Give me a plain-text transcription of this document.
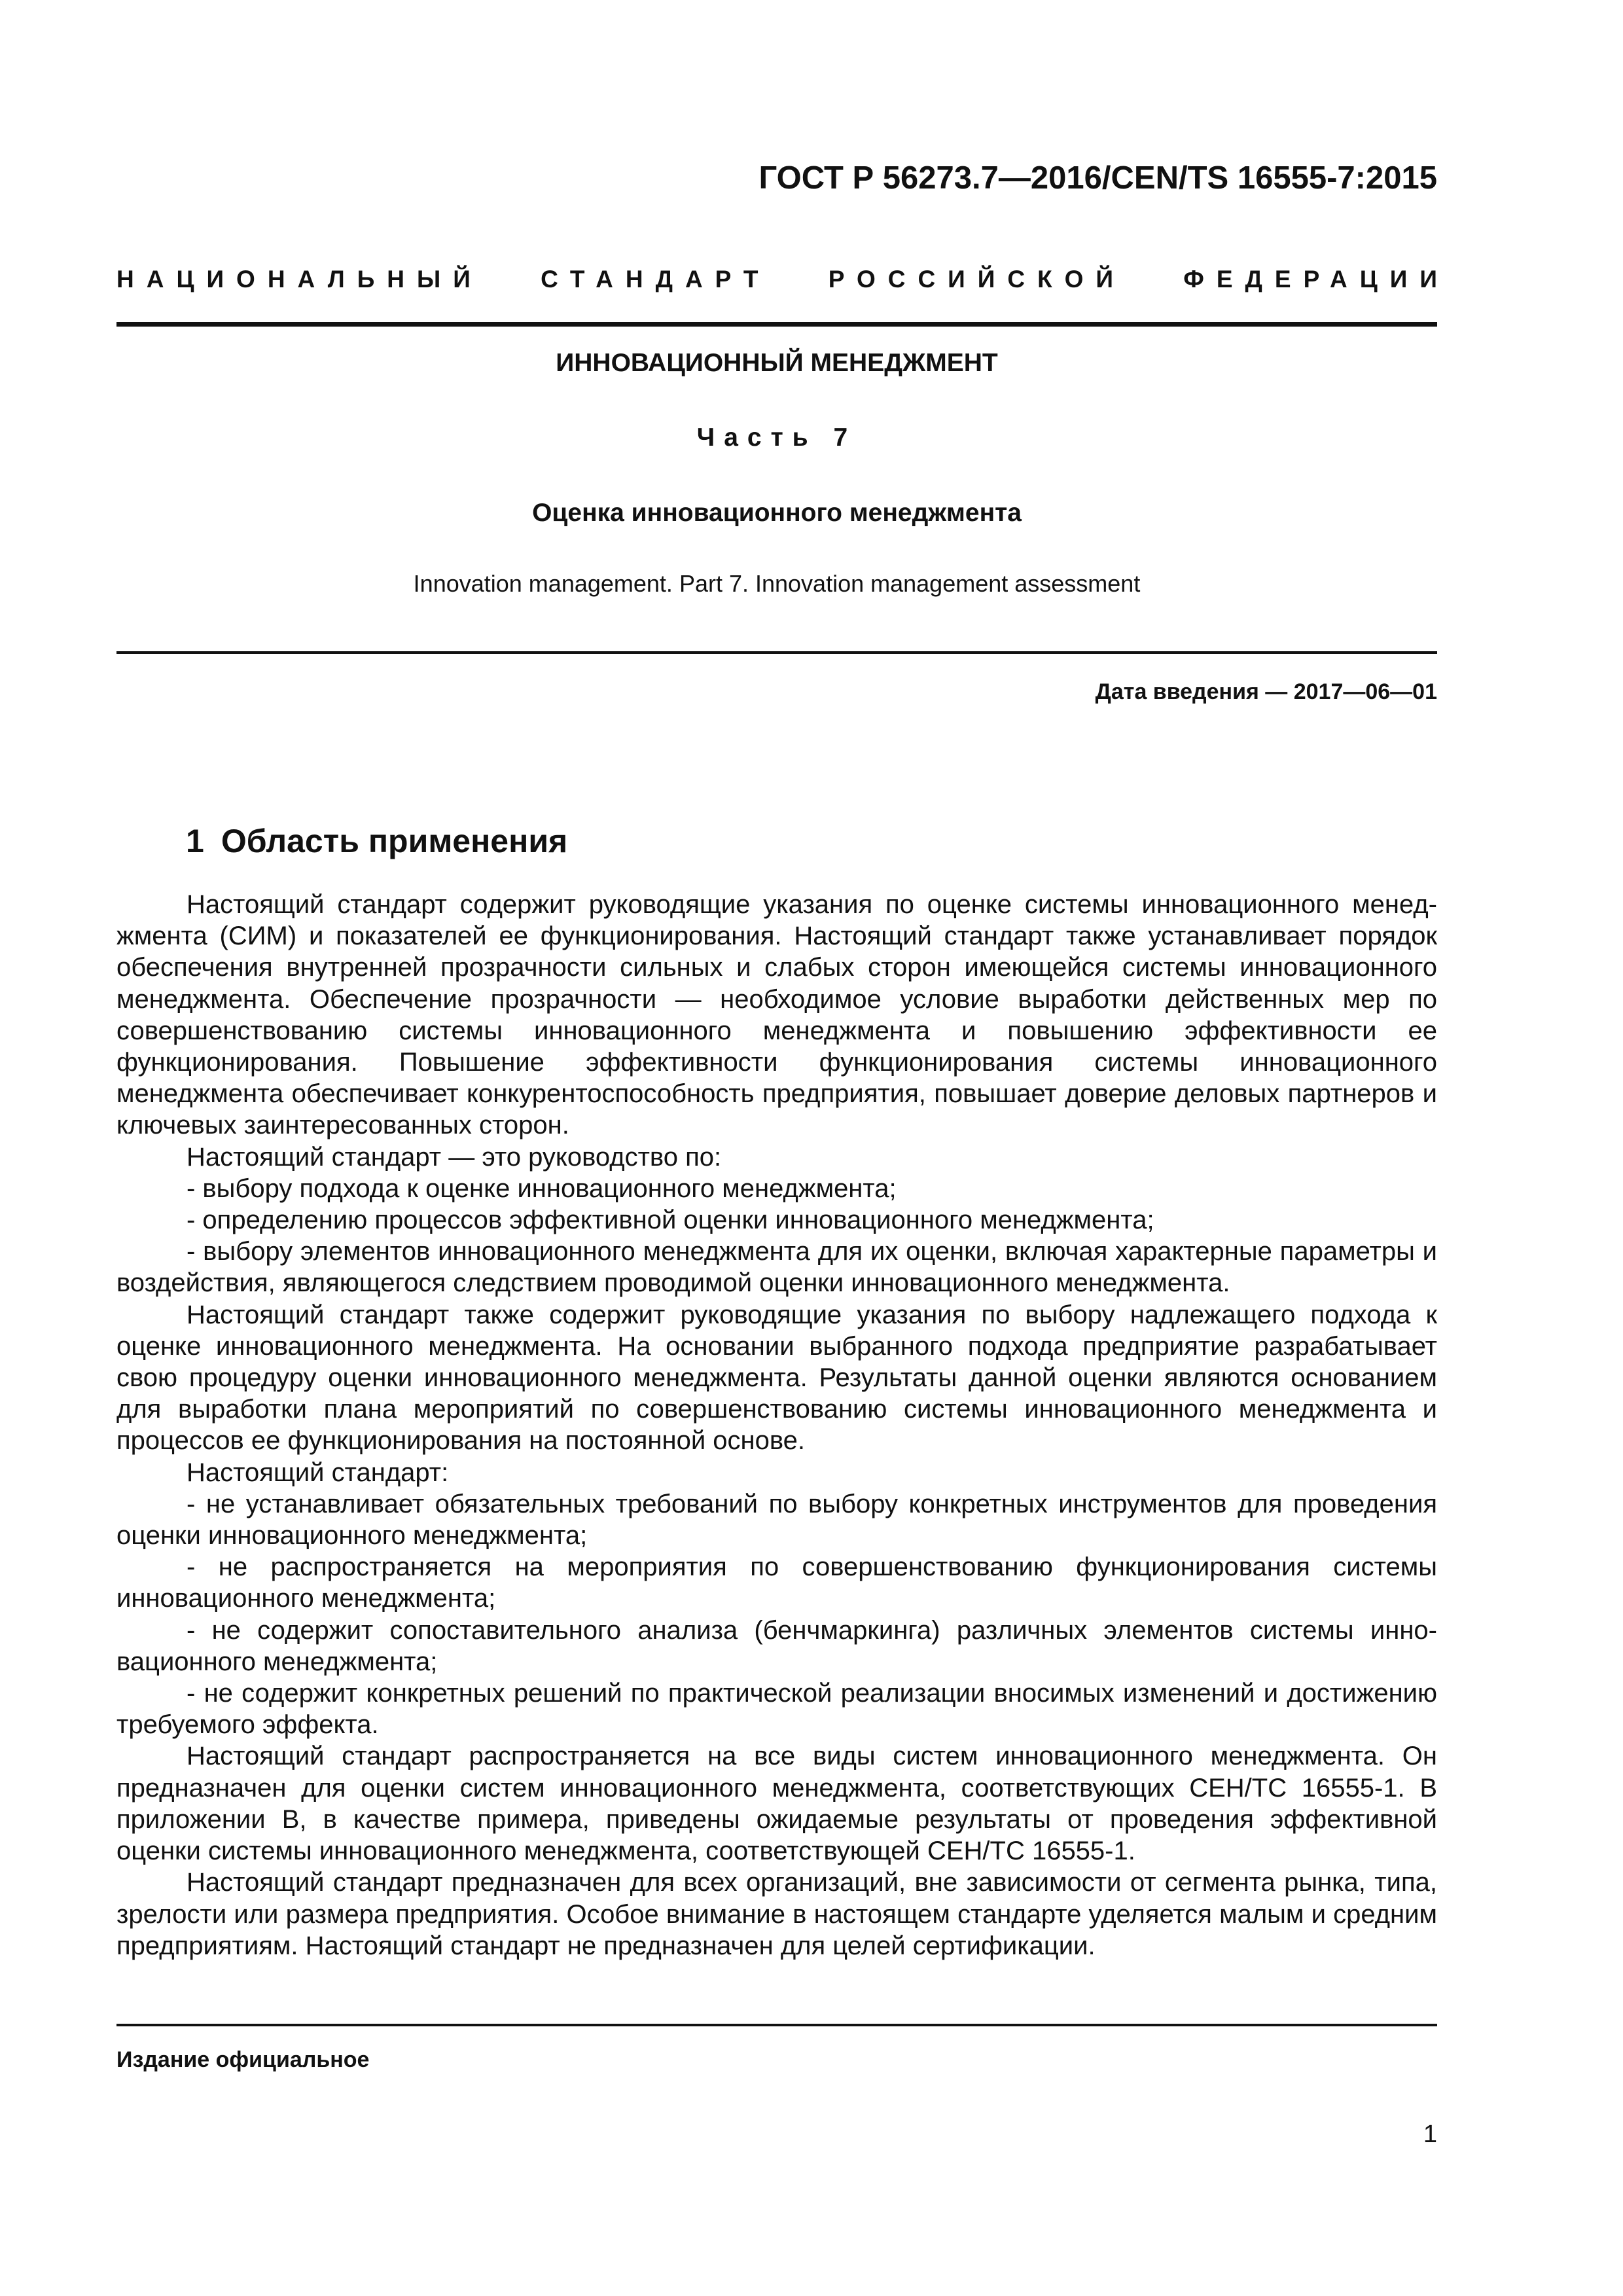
ГОСТ Р 56273.7—2016/CEN/TS 16555-7:2015
НАЦИОНАЛЬНЫЙ СТАНДАРТ РОССИЙСКОЙ ФЕДЕРАЦИИ
ИННОВАЦИОННЫЙ МЕНЕДЖМЕНТ
Часть 7
Оценка инновационного менеджмента
Innovation management. Part 7. Innovation management assessment
Дата введения — 2017—06—01
1 Область применения

Настоящий стандарт содержит руководящие указания по оценке системы инновационного менеджмента (СИМ) и показателей ее функционирования. Настоящий стандарт также устанавливает порядок обеспечения внутренней прозрачности сильных и слабых сторон имеющейся системы инновационного менеджмента. Обеспечение прозрачности — необходимое условие выработки действенных мер по совершенствованию системы инновационного менеджмента и повышению эффективности ее функционирования. Повышение эффективности функционирования системы инновационного менеджмента обеспечивает конкурентоспособность предприятия, повышает доверие деловых партнеров и ключевых заинтересованных сторон.

Настоящий стандарт — это руководство по:

- выбору подхода к оценке инновационного менеджмента;

- определению процессов эффективной оценки инновационного менеджмента;

- выбору элементов инновационного менеджмента для их оценки, включая характерные параметры и воздействия, являющегося следствием проводимой оценки инновационного менеджмента.

Настоящий стандарт также содержит руководящие указания по выбору надлежащего подхода к оценке инновационного менеджмента. На основании выбранного подхода предприятие разрабатывает свою процедуру оценки инновационного менеджмента. Результаты данной оценки являются основанием для выработки плана мероприятий по совершенствованию системы инновационного менеджмента и процессов ее функционирования на постоянной основе.

Настоящий стандарт:

- не устанавливает обязательных требований по выбору конкретных инструментов для проведения оценки инновационного менеджмента;

- не распространяется на мероприятия по совершенствованию функционирования системы инновационного менеджмента;

- не содержит сопоставительного анализа (бенчмаркинга) различных элементов системы инновационного менеджмента;

- не содержит конкретных решений по практической реализации вносимых изменений и достижению требуемого эффекта.

Настоящий стандарт распространяется на все виды систем инновационного менеджмента. Он предназначен для оценки систем инновационного менеджмента, соответствующих СЕН/ТС 16555-1. В приложении В, в качестве примера, приведены ожидаемые результаты от проведения эффективной оценки системы инновационного менеджмента, соответствующей СЕН/ТС 16555-1.

Настоящий стандарт предназначен для всех организаций, вне зависимости от сегмента рынка, типа, зрелости или размера предприятия. Особое внимание в настоящем стандарте уделяется малым и средним предприятиям. Настоящий стандарт не предназначен для целей сертификации.

Издание официальное
1
